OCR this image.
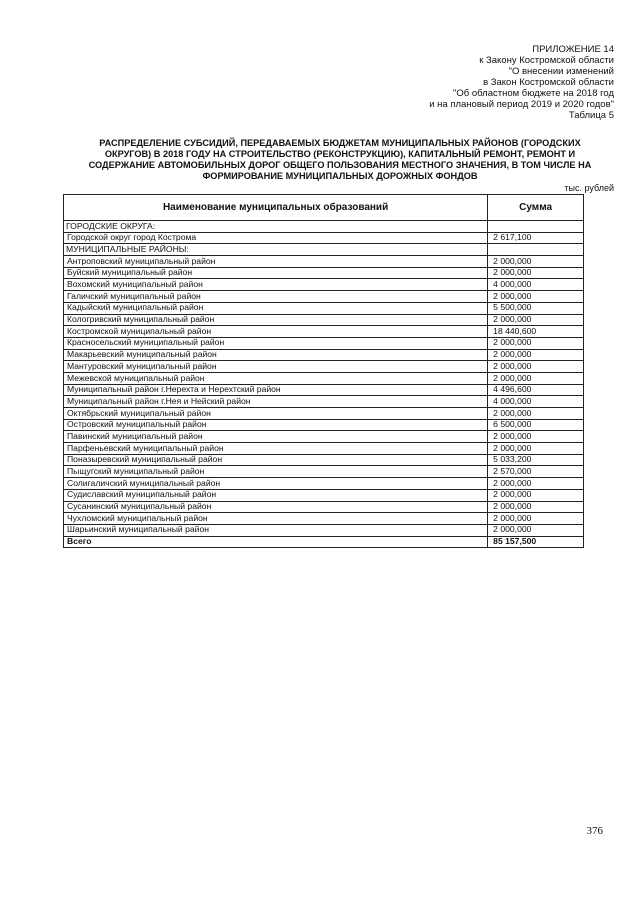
ПРИЛОЖЕНИЕ 14
к Закону Костромской области
"О внесении изменений
в Закон Костромской области
"Об областном бюджете на 2018 год
и на плановый период 2019 и 2020 годов"
Таблица 5
РАСПРЕДЕЛЕНИЕ СУБСИДИЙ, ПЕРЕДАВАЕМЫХ БЮДЖЕТАМ МУНИЦИПАЛЬНЫХ РАЙОНОВ (ГОРОДСКИХ
ОКРУГОВ) В 2018 ГОДУ НА СТРОИТЕЛЬСТВО (РЕКОНСТРУКЦИЮ), КАПИТАЛЬНЫЙ РЕМОНТ, РЕМОНТ И
СОДЕРЖАНИЕ АВТОМОБИЛЬНЫХ ДОРОГ ОБЩЕГО ПОЛЬЗОВАНИЯ МЕСТНОГО ЗНАЧЕНИЯ, В ТОМ ЧИСЛЕ НА
ФОРМИРОВАНИЕ МУНИЦИПАЛЬНЫХ ДОРОЖНЫХ ФОНДОВ
тыс. рублей
Наименование муниципальных образований	Сумма
ГОРОДСКИЕ ОКРУГА:	
Городской округ город Кострома	2 617,100
МУНИЦИПАЛЬНЫЕ РАЙОНЫ:	
Антроповский муниципальный район	2 000,000
Буйский муниципальный район	2 000,000
Вохомский муниципальный район	4 000,000
Галичский муниципальный район	2 000,000
Кадыйский муниципальный район	5 500,000
Кологривский муниципальный район	2 000,000
Костромской муниципальный район	18 440,600
Красносельский муниципальный район	2 000,000
Макарьевский муниципальный район	2 000,000
Мантуровский муниципальный район	2 000,000
Межевской муниципальный район	2 000,000
Муниципальный район г.Нерехта и Нерехтский район	4 496,600
Муниципальный район г.Нея и Нейский район	4 000,000
Октябрьский муниципальный район	2 000,000
Островский муниципальный район	6 500,000
Павинский муниципальный район	2 000,000
Парфеньевский муниципальный район	2 000,000
Поназыревский муниципальный район	5 033,200
Пыщугский муниципальный район	2 570,000
Солигаличский муниципальный район	2 000,000
Судиславский муниципальный район	2 000,000
Сусанинский муниципальный район	2 000,000
Чухломский муниципальный район	2 000,000
Шарьинский муниципальный район	2 000,000
Всего	85 157,500
376
